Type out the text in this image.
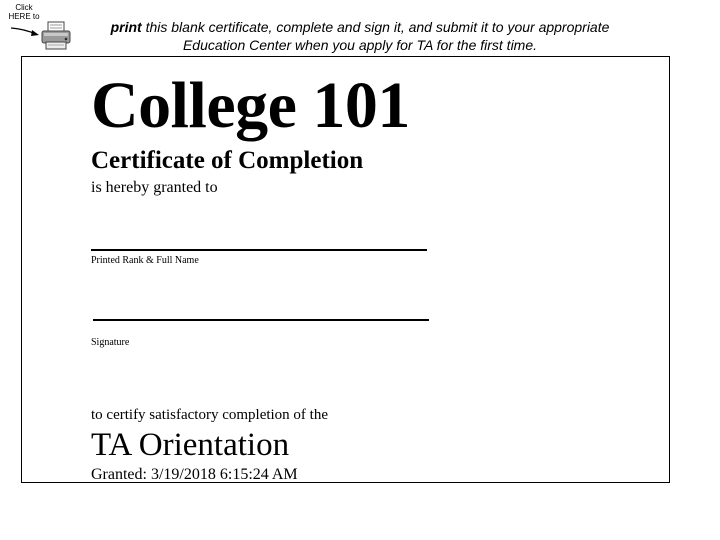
Click HERE to
print this blank certificate, complete and sign it, and submit it to your appropriate Education Center when you apply for TA for the first time.
College 101
Certificate of Completion
is hereby granted to
Printed Rank & Full Name
Signature
to certify satisfactory completion of the
TA Orientation
Granted: 3/19/2018 6:15:24 AM
